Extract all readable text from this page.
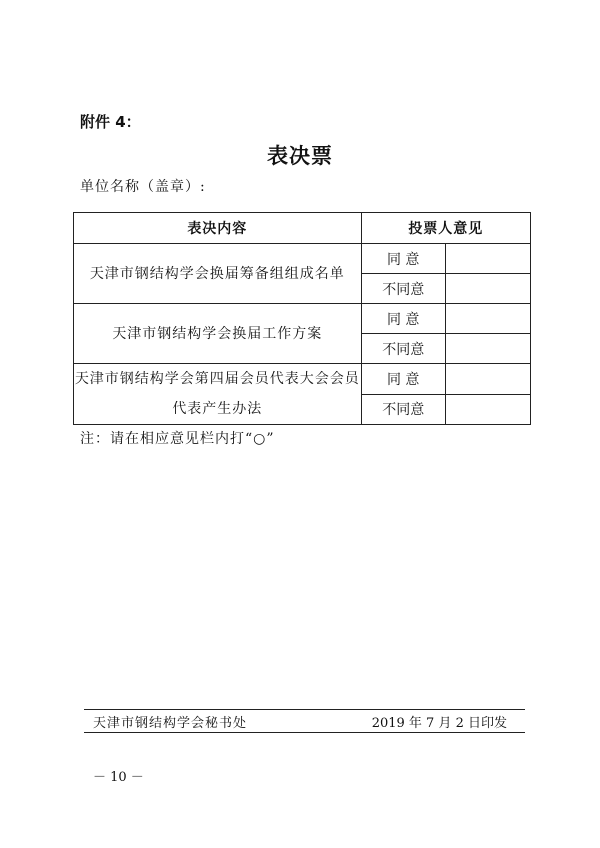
附件 4：
表决票
单位名称（盖章）:
表决内容	投票人意见	
天津市钢结构学会换届筹备组组成名单	同 意	
	不同意	
天津市钢结构学会换届工作方案	同 意	
	不同意	
天津市钢结构学会第四届会员代表大会会员代表产生办法	同 意	
	不同意	
注：请在相应意见栏内打“○”
天津市钢结构学会秘书处	2019 年 7 月 2 日印发
－ 10 －
